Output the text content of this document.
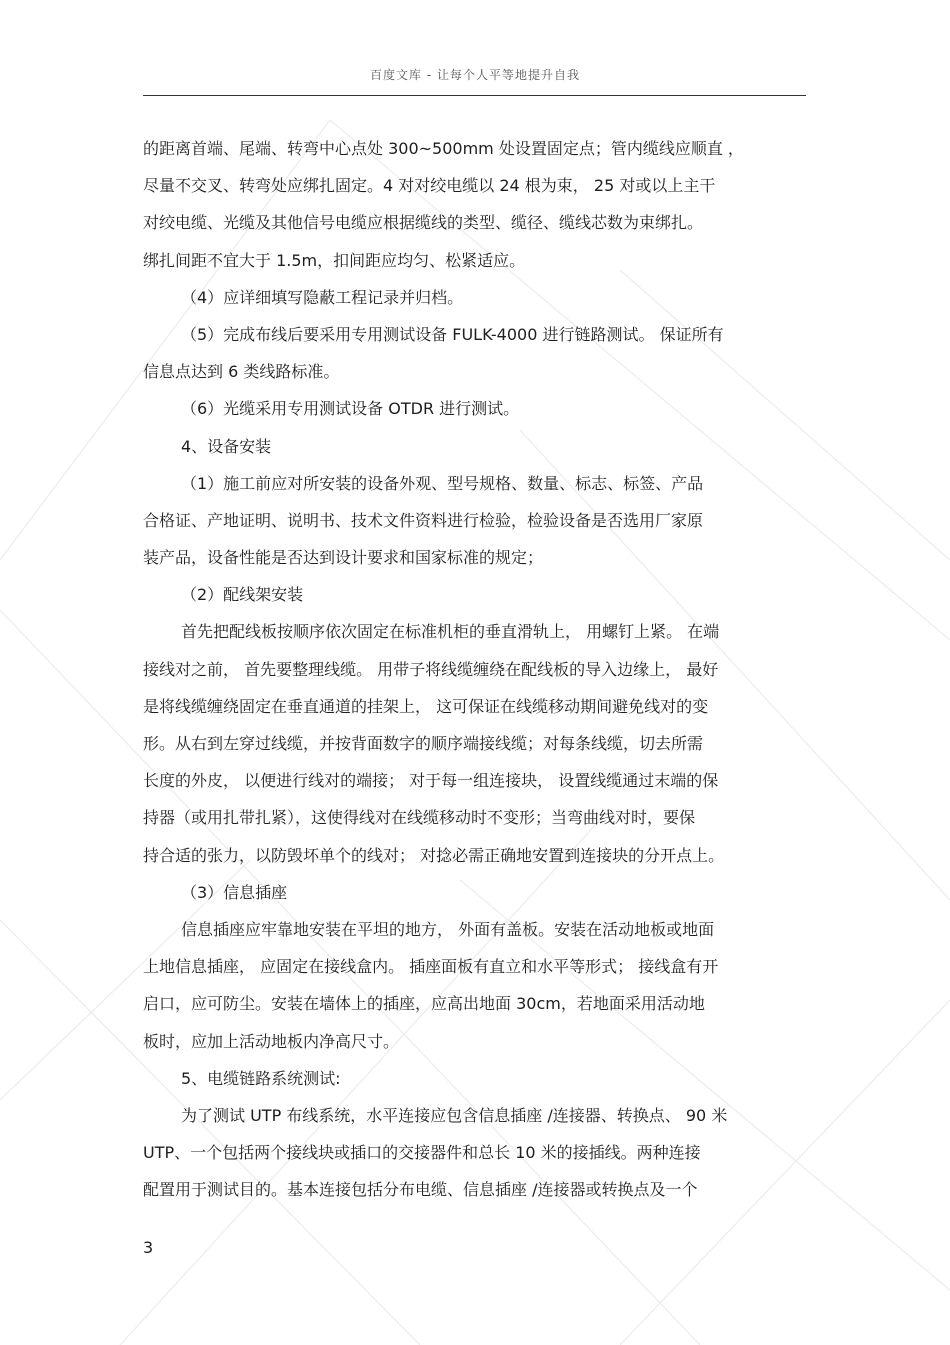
百度文库 - 让每个人平等地提升自我
的距离首端、尾端、转弯中心点处 300~500mm 处设置固定点；管内缆线应顺直 ，
尽量不交叉、转弯处应绑扎固定。4 对对绞电缆以 24 根为束， 25 对或以上主干
对绞电缆、光缆及其他信号电缆应根据缆线的类型、缆径、缆线芯数为束绑扎。
绑扎间距不宜大于 1.5m，扣间距应均匀、松紧适应。
（4）应详细填写隐蔽工程记录并归档。
（5）完成布线后要采用专用测试设备 FULK-4000 进行链路测试。 保证所有
信息点达到 6 类线路标准。
（6）光缆采用专用测试设备 OTDR 进行测试。
4、设备安装
（1）施工前应对所安装的设备外观、型号规格、数量、标志、标签、产品
合格证、产地证明、说明书、技术文件资料进行检验，检验设备是否选用厂家原
装产品，设备性能是否达到设计要求和国家标准的规定；
（2）配线架安装
首先把配线板按顺序依次固定在标准机柜的垂直滑轨上， 用螺钉上紧。 在端
接线对之前， 首先要整理线缆。 用带子将线缆缠绕在配线板的导入边缘上， 最好
是将线缆缠绕固定在垂直通道的挂架上， 这可保证在线缆移动期间避免线对的变
形。从右到左穿过线缆，并按背面数字的顺序端接线缆；对每条线缆，切去所需
长度的外皮， 以便进行线对的端接； 对于每一组连接块， 设置线缆通过末端的保
持器（或用扎带扎紧），这使得线对在线缆移动时不变形；当弯曲线对时，要保
持合适的张力，以防毁坏单个的线对； 对捻必需正确地安置到连接块的分开点上。
（3）信息插座
信息插座应牢靠地安装在平坦的地方， 外面有盖板。安装在活动地板或地面
上地信息插座， 应固定在接线盒内。 插座面板有直立和水平等形式； 接线盒有开
启口，应可防尘。安装在墙体上的插座，应高出地面 30cm，若地面采用活动地
板时，应加上活动地板内净高尺寸。
5、电缆链路系统测试:
为了测试 UTP 布线系统，水平连接应包含信息插座 /连接器、转换点、 90 米
UTP、一个包括两个接线块或插口的交接器件和总长 10 米的接插线。两种连接
配置用于测试目的。基本连接包括分布电缆、信息插座 /连接器或转换点及一个
3
